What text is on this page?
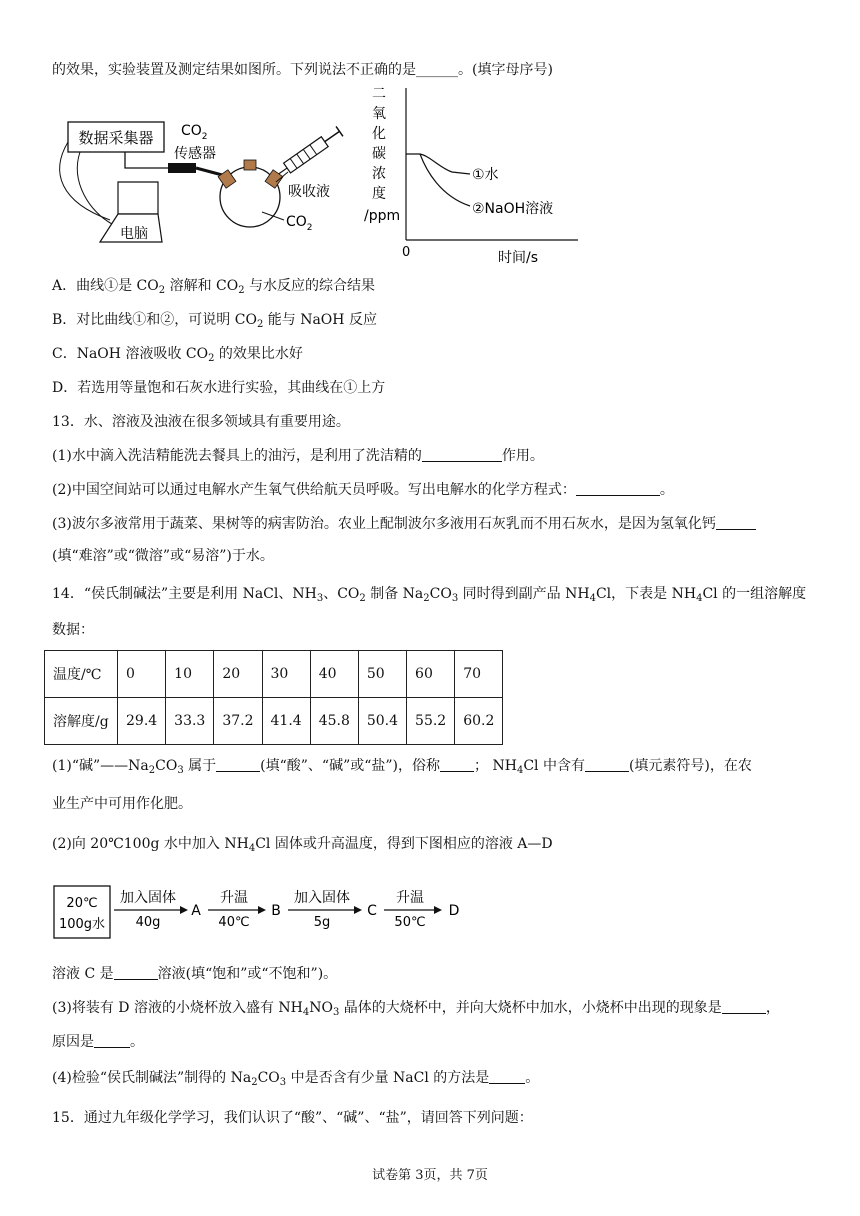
的效果，实验装置及测定结果如图所。下列说法不正确的是______。(填字母序号)
数据采集器 $CO_2$
传感器
吸收液
$CO_2$
电脑
二
氧
化
碳
浓
度
/ppm
0	时间/s
①水
②NaOH溶液
A．曲线①是 $CO_2$ 溶解和 $CO_2$ 与水反应的综合结果
B．对比曲线①和②，可说明 $CO_2$ 能与 NaOH 反应
C．NaOH 溶液吸收 $CO_2$ 的效果比水好
D．若选用等量饱和石灰水进行实验，其曲线在①上方
13．水、溶液及浊液在很多领域具有重要用途。
(1)水中滴入洗洁精能洗去餐具上的油污，是利用了洗洁精的	作用。
(2)中国空间站可以通过电解水产生氧气供给航天员呼吸。写出电解水的化学方程式：	。
(3)波尔多液常用于蔬菜、果树等的病害防治。农业上配制波尔多液用石灰乳而不用石灰水，是因为氢氧化钙
(填“难溶”或“微溶”或“易溶”)于水。
14．“侯氏制碱法”主要是利用 NaCl、$NH_3$、$CO_2$ 制备 $Na_2CO_3$ 同时得到副产品 $NH_4Cl$，下表是 $NH_4Cl$ 的一组溶解度
数据：
温度/℃	0	10	20	30	40	50	60	70
溶解度/g	29.4	33.3	37.2	41.4	45.8	50.4	55.2	60.2
(1)“碱$”——Na_2CO_3$ 属于	(填“酸”、“碱”或“盐”)，俗称 ； $NH_4Cl$ 中含有	(填元素符号)，在农
业生产中可用作化肥。
(2)向 20℃100g 水中加入 $NH_4Cl$ 固体或升高温度，得到下图相应的溶液 A—D
20℃
100g水
加入固体
40g
A
升温
40℃
B
加入固体
5g
C
升温
50℃
D
溶液 C 是	溶液(填“饱和”或“不饱和”)。
(3)将装有 D 溶液的小烧杯放入盛有 $NH_4NO_3$ 晶体的大烧杯中，并向大烧杯中加水，小烧杯中出现的现象是	，
原因是	。
(4)检验“侯氏制碱法”制得的 $Na_2CO_3$ 中是否含有少量 NaCl 的方法是	。
15．通过九年级化学学习，我们认识了“酸”、“碱”、“盐”，请回答下列问题：
试卷第 3页，共 7页
